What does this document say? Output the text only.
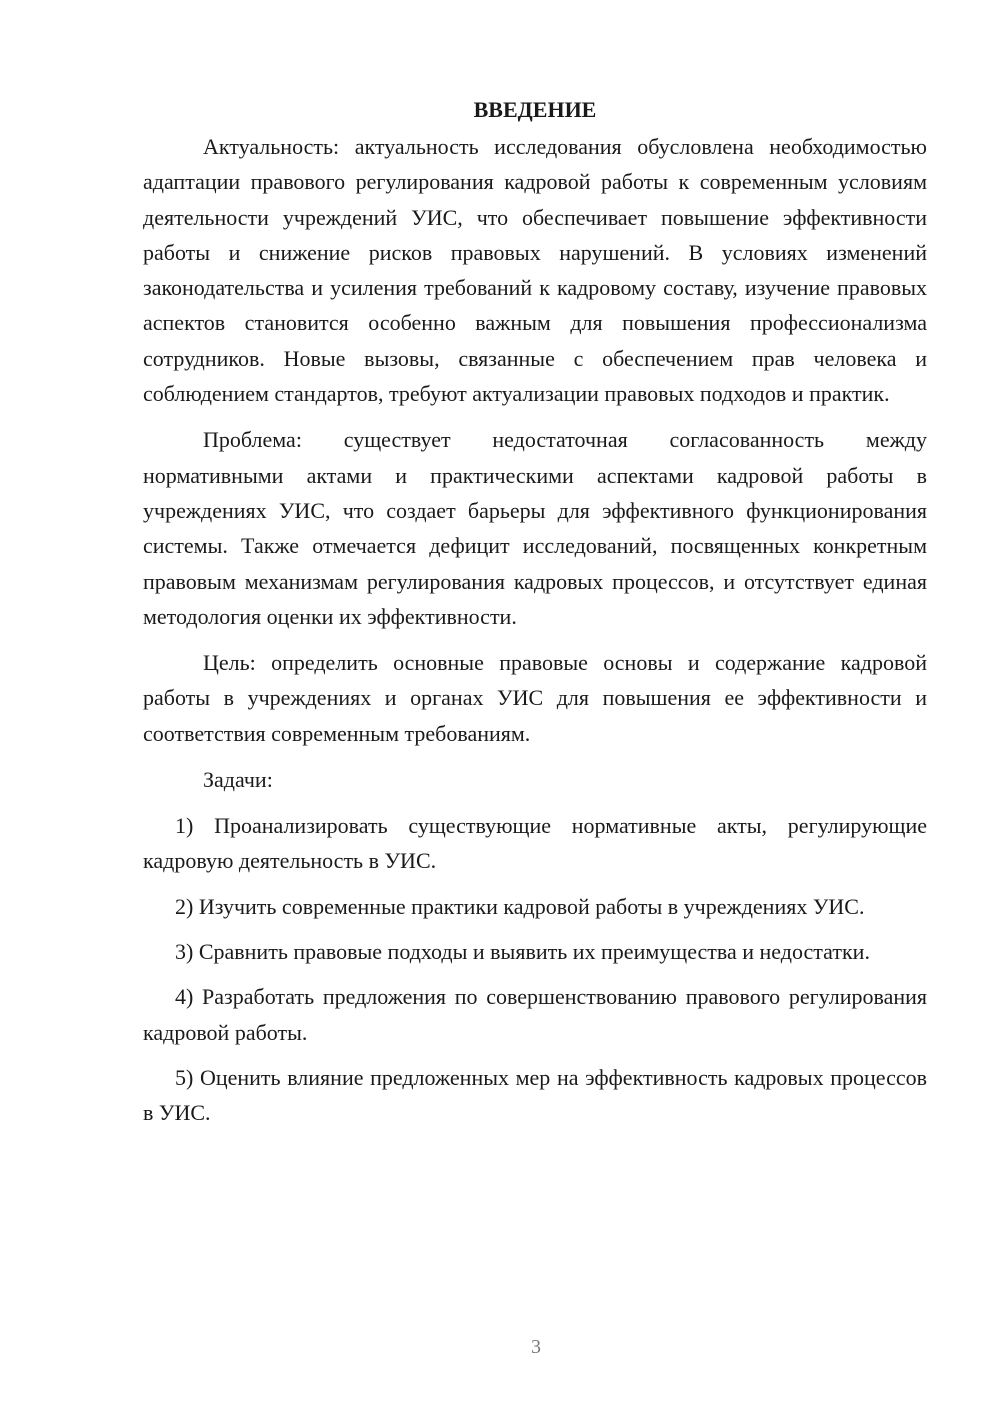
ВВЕДЕНИЕ

Актуальность: актуальность исследования обусловлена необходимостью адаптации правового регулирования кадровой работы к современным условиям деятельности учреждений УИС, что обеспечивает повышение эффективности работы и снижение рисков правовых нарушений. В условиях изменений законодательства и усиления требований к кадровому составу, изучение правовых аспектов становится особенно важным для повышения профессионализма сотрудников. Новые вызовы, связанные с обеспечением прав человека и соблюдением стандартов, требуют актуализации правовых подходов и практик.

Проблема: существует недостаточная согласованность между нормативными актами и практическими аспектами кадровой работы в учреждениях УИС, что создает барьеры для эффективного функционирования системы. Также отмечается дефицит исследований, посвященных конкретным правовым механизмам регулирования кадровых процессов, и отсутствует единая методология оценки их эффективности.

Цель: определить основные правовые основы и содержание кадровой работы в учреждениях и органах УИС для повышения ее эффективности и соответствия современным требованиям.

Задачи:

1) Проанализировать существующие нормативные акты, регулирующие кадровую деятельность в УИС.

2) Изучить современные практики кадровой работы в учреждениях УИС.

3) Сравнить правовые подходы и выявить их преимущества и недостатки.

4) Разработать предложения по совершенствованию правового регулирования кадровой работы.

5) Оценить влияние предложенных мер на эффективность кадровых процессов в УИС.

3
